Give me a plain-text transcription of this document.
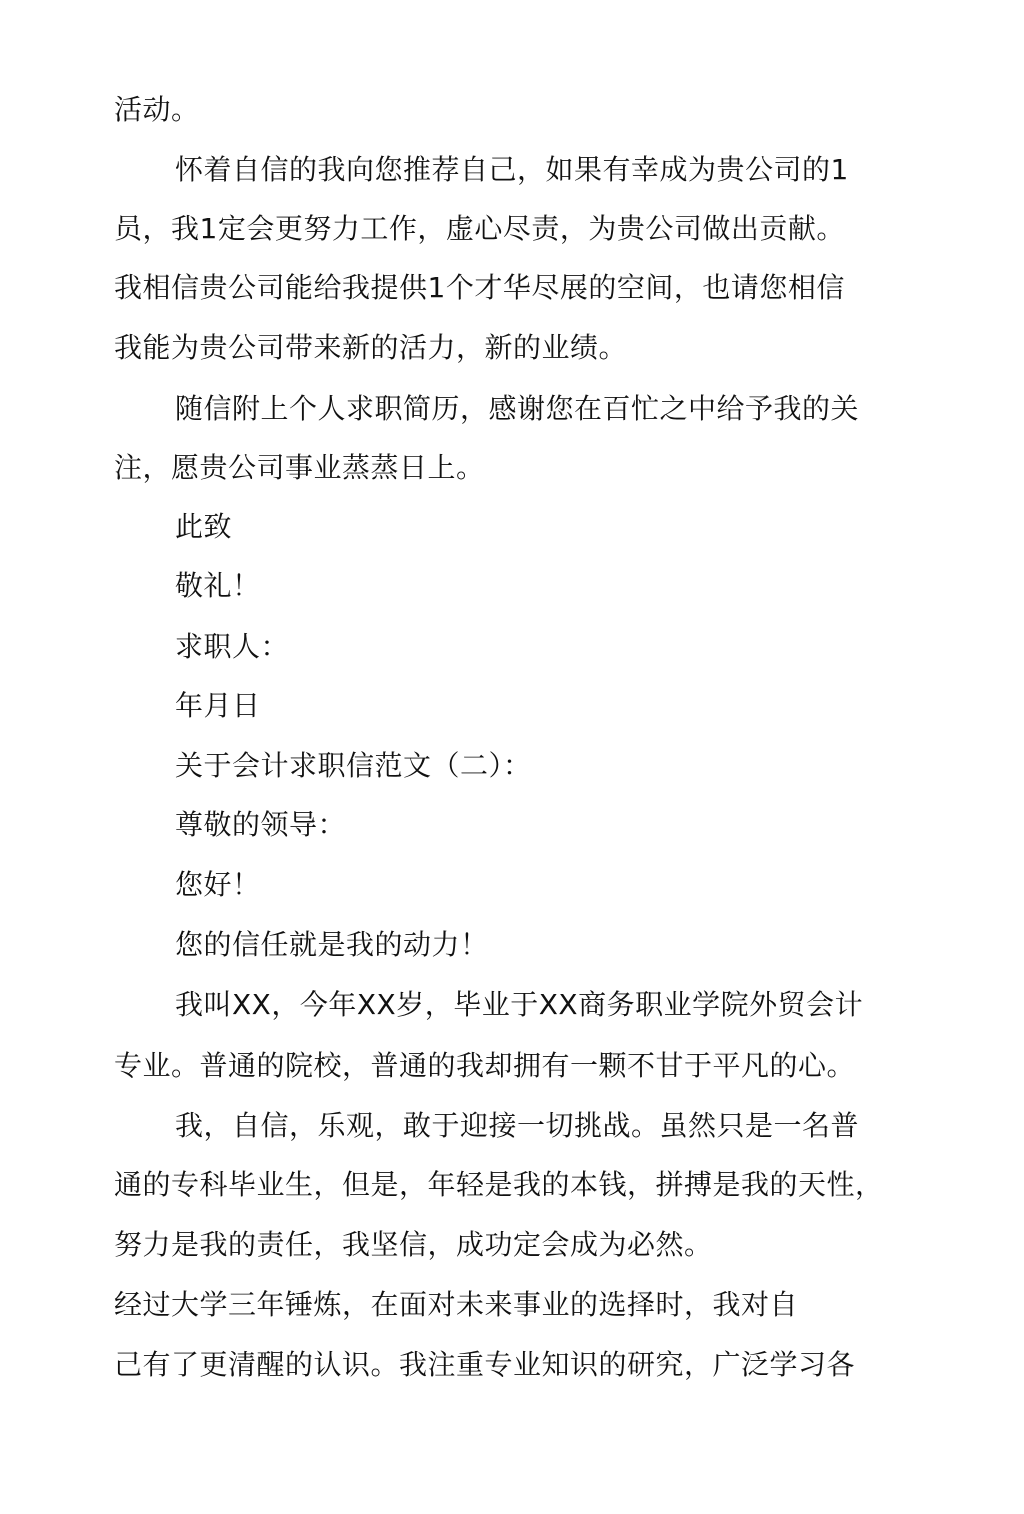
活动。

怀着自信的我向您推荐自己，如果有幸成为贵公司的1

员，我1定会更努力工作，虚心尽责，为贵公司做出贡献。

我相信贵公司能给我提供1个才华尽展的空间，也请您相信

我能为贵公司带来新的活力，新的业绩。

随信附上个人求职简历，感谢您在百忙之中给予我的关

注，愿贵公司事业蒸蒸日上。

此致

敬礼！

求职人：

年月日

关于会计求职信范文（二）：

尊敬的领导：

您好！

您的信任就是我的动力！

我叫XX，今年XX岁，毕业于XX商务职业学院外贸会计

专业。普通的院校，普通的我却拥有一颗不甘于平凡的心。

我，自信，乐观，敢于迎接一切挑战。虽然只是一名普

通的专科毕业生，但是，年轻是我的本钱，拼搏是我的天性，

努力是我的责任，我坚信，成功定会成为必然。

经过大学三年锤炼，在面对未来事业的选择时，我对自

己有了更清醒的认识。我注重专业知识的研究，广泛学习各
